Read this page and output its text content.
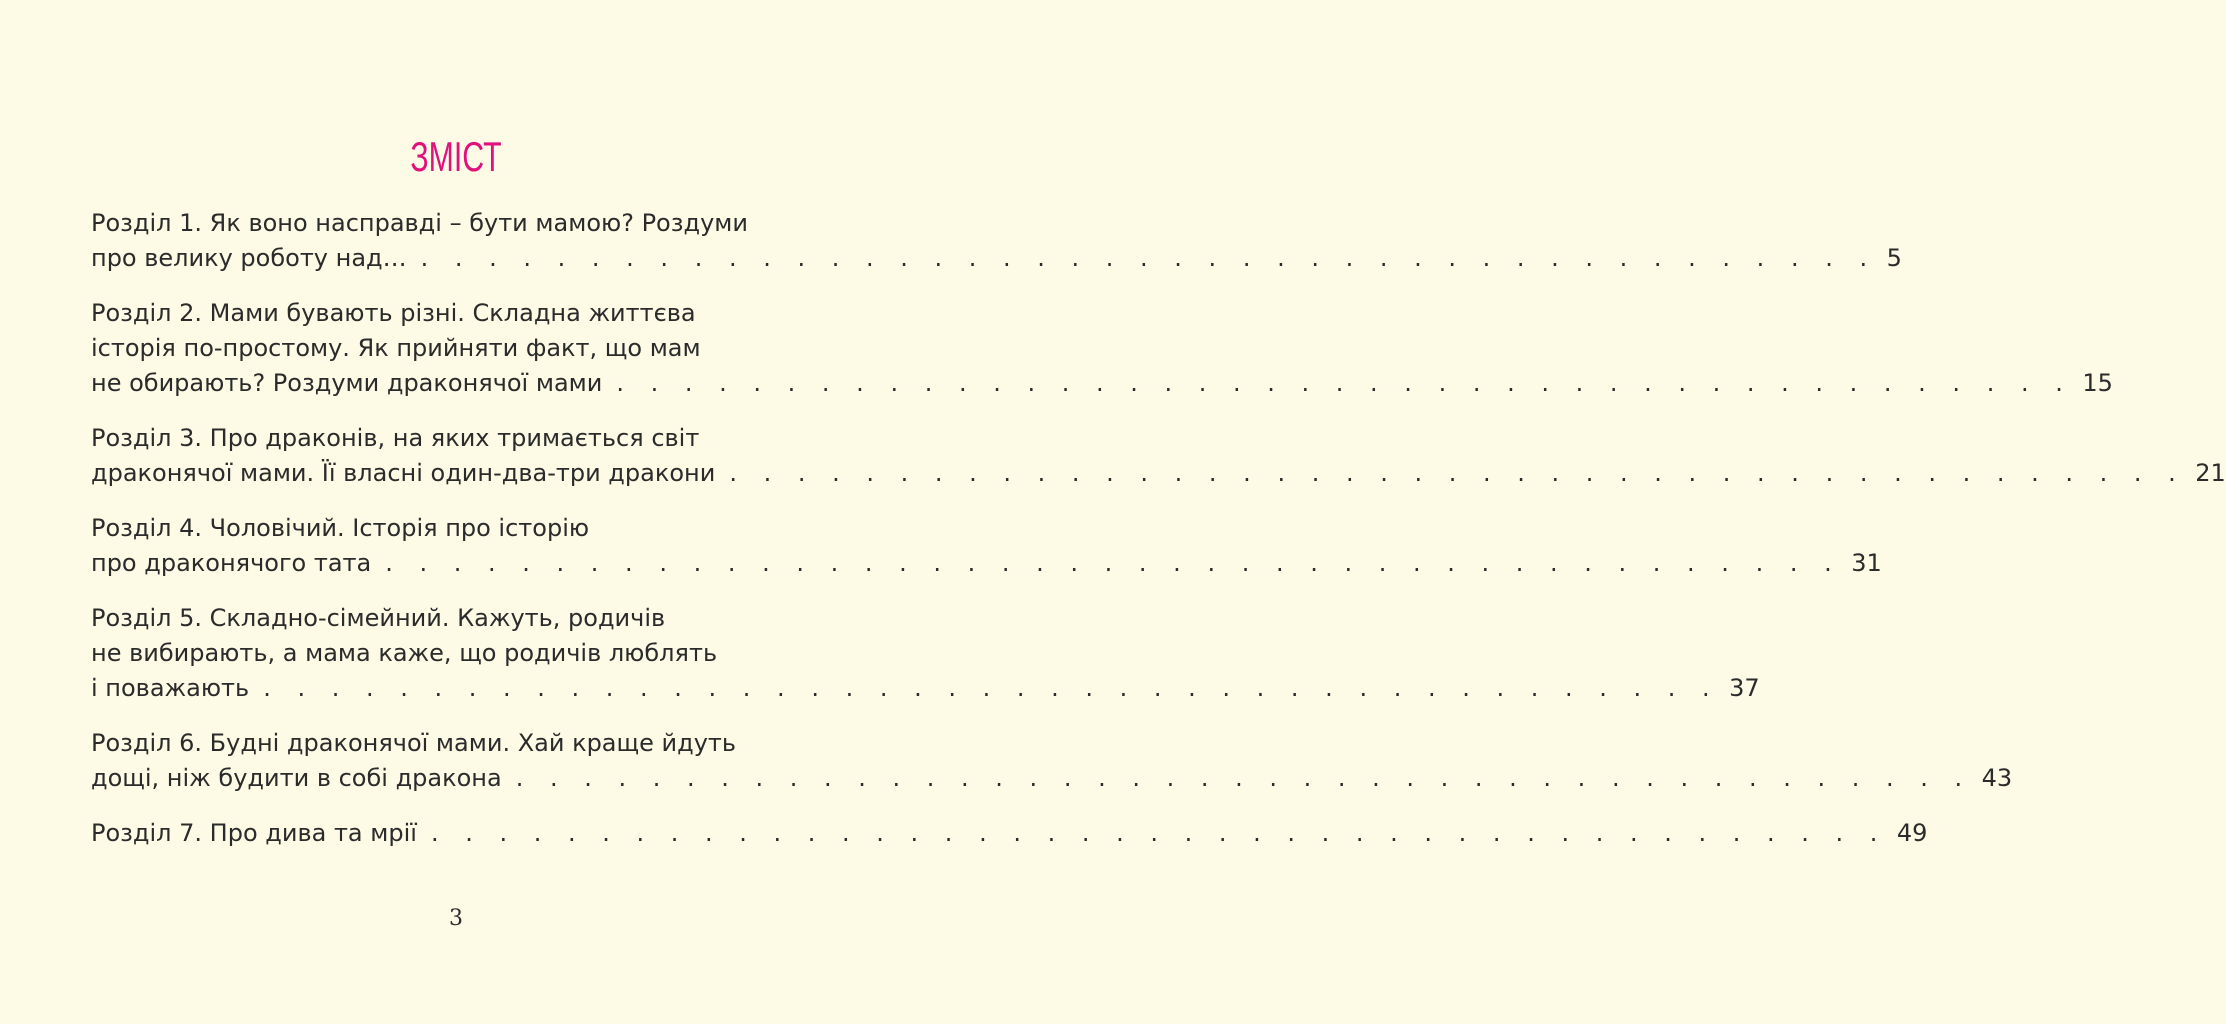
ЗМІСТ
Розділ 1. Як воно насправді – бути мамою? Роздуми
про велику роботу над… . . . . . . . . . . . . . . . . . . . . . . . . . . . . . . . . . . . . . . . . . . . 5
Розділ 2. Мами бувають різні. Складна життєва
історія по-простому. Як прийняти факт, що мам
не обирають? Роздуми драконячої мами . . . . . . . . . . . . . . . . . . . . . . . . . . . . . . . . . . . . . . . . . . . 15
Розділ 3. Про драконів, на яких тримається світ
драконячої мами. Її власні один-два-три дракони . . . . . . . . . . . . . . . . . . . . . . . . . . . . . . . . . . . . . . . . . . . 21
Розділ 4. Чоловічий. Історія про історію
про драконячого тата . . . . . . . . . . . . . . . . . . . . . . . . . . . . . . . . . . . . . . . . . . . 31
Розділ 5. Складно-сімейний. Кажуть, родичів
не вибирають, а мама каже, що родичів люблять
і поважають . . . . . . . . . . . . . . . . . . . . . . . . . . . . . . . . . . . . . . . . . . . 37
Розділ 6. Будні драконячої мами. Хай краще йдуть
дощі, ніж будити в собі дракона . . . . . . . . . . . . . . . . . . . . . . . . . . . . . . . . . . . . . . . . . . . 43
Розділ 7. Про дива та мрії . . . . . . . . . . . . . . . . . . . . . . . . . . . . . . . . . . . . . . . . . . . 49
3
